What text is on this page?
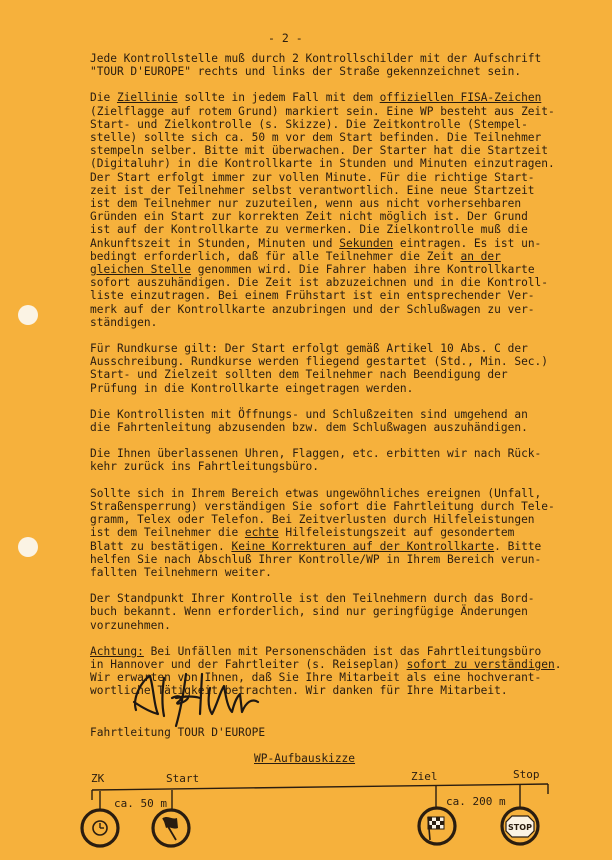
- 2 -
Jede Kontrollstelle muß durch 2 Kontrollschilder mit der Aufschrift
"TOUR D'EUROPE" rechts und links der Straße gekennzeichnet sein.
Die Ziellinie sollte in jedem Fall mit dem offiziellen FISA-Zeichen
(Zielflagge auf rotem Grund) markiert sein. Eine WP besteht aus Zeit-
Start- und Zielkontrolle (s. Skizze). Die Zeitkontrolle (Stempel-
stelle) sollte sich ca. 50 m vor dem Start befinden. Die Teilnehmer
stempeln selber. Bitte mit überwachen. Der Starter hat die Startzeit
(Digitaluhr) in die Kontrollkarte in Stunden und Minuten einzutragen.
Der Start erfolgt immer zur vollen Minute. Für die richtige Start-
zeit ist der Teilnehmer selbst verantwortlich. Eine neue Startzeit
ist dem Teilnehmer nur zuzuteilen, wenn aus nicht vorhersehbaren
Gründen ein Start zur korrekten Zeit nicht möglich ist. Der Grund
ist auf der Kontrollkarte zu vermerken. Die Zielkontrolle muß die
Ankunftszeit in Stunden, Minuten und Sekunden eintragen. Es ist un-
bedingt erforderlich, daß für alle Teilnehmer die Zeit an der
gleichen Stelle genommen wird. Die Fahrer haben ihre Kontrollkarte
sofort auszuhändigen. Die Zeit ist abzuzeichnen und in die Kontroll-
liste einzutragen. Bei einem Frühstart ist ein entsprechender Ver-
merk auf der Kontrollkarte anzubringen und der Schlußwagen zu ver-
ständigen.
Für Rundkurse gilt: Der Start erfolgt gemäß Artikel 10 Abs. C der
Ausschreibung. Rundkurse werden fliegend gestartet (Std., Min. Sec.)
Start- und Zielzeit sollten dem Teilnehmer nach Beendigung der
Prüfung in die Kontrollkarte eingetragen werden.
Die Kontrollisten mit Öffnungs- und Schlußzeiten sind umgehend an
die Fahrtenleitung abzusenden bzw. dem Schlußwagen auszuhändigen.
Die Ihnen überlassenen Uhren, Flaggen, etc. erbitten wir nach Rück-
kehr zurück ins Fahrtleitungsbüro.
Sollte sich in Ihrem Bereich etwas ungewöhnliches ereignen (Unfall,
Straßensperrung) verständigen Sie sofort die Fahrtleitung durch Tele-
gramm, Telex oder Telefon. Bei Zeitverlusten durch Hilfeleistungen
ist dem Teilnehmer die echte Hilfeleistungszeit auf gesondertem
Blatt zu bestätigen. Keine Korrekturen auf der Kontrollkarte. Bitte
helfen Sie nach Abschluß Ihrer Kontrolle/WP in Ihrem Bereich verun-
fallten Teilnehmern weiter.
Der Standpunkt Ihrer Kontrolle ist den Teilnehmern durch das Bord-
buch bekannt. Wenn erforderlich, sind nur geringfügige Änderungen
vorzunehmen.
Achtung: Bei Unfällen mit Personenschäden ist das Fahrtleitungsbüro
in Hannover und der Fahrtleiter (s. Reiseplan) sofort zu verständigen.
Wir erwarten von Ihnen, daß Sie Ihre Mitarbeit als eine hochverant-
wortliche Tätigkeit betrachten. Wir danken für Ihre Mitarbeit.
Fahrtleitung TOUR D'EUROPE
WP-Aufbauskizze
ZK	Start	Ziel	Stop
ca. 50 m	ca. 200 m
STOP
